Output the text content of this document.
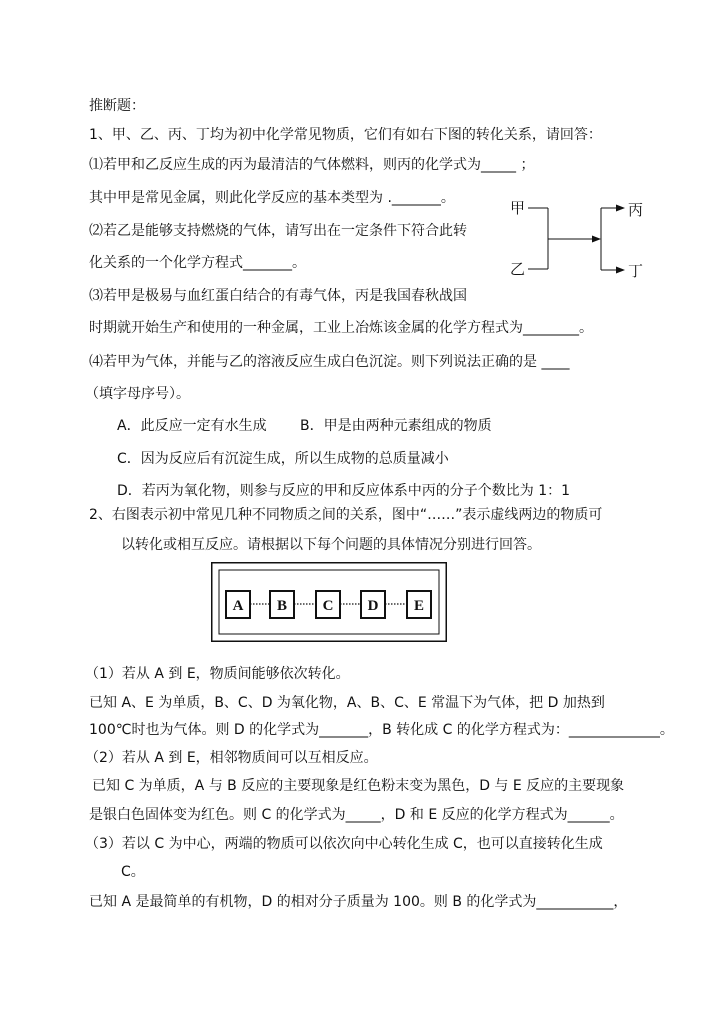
推断题：
1、甲、乙、丙、丁均为初中化学常见物质，它们有如右下图的转化关系，请回答：
⑴若甲和乙反应生成的丙为最清洁的气体燃料，则丙的化学式为_____ ；
其中甲是常见金属，则此化学反应的基本类型为 ._______。
⑵若乙是能够支持燃烧的气体，请写出在一定条件下符合此转
化关系的一个化学方程式_______。
⑶若甲是极易与血红蛋白结合的有毒气体，丙是我国春秋战国
时期就开始生产和使用的一种金属，工业上冶炼该金属的化学方程式为________。
⑷若甲为气体，并能与乙的溶液反应生成白色沉淀。则下列说法正确的是 ____
（填字母序号）。
A．此反应一定有水生成 B．甲是由两种元素组成的物质
C．因为反应后有沉淀生成，所以生成物的总质量减小
D．若丙为氧化物，则参与反应的甲和反应体系中丙的分子个数比为 1：1
2、右图表示初中常见几种不同物质之间的关系，图中“……”表示虚线两边的物质可
以转化或相互反应。请根据以下每个问题的具体情况分别进行回答。
甲
乙
丙
丁
A B C D E
（1）若从 A 到 E，物质间能够依次转化。
已知 A、E 为单质，B、C、D 为氧化物，A、B、C、E 常温下为气体，把 D 加热到
100℃时也为气体。则 D 的化学式为_______，B 转化成 C 的化学方程式为：_____________。
（2）若从 A 到 E，相邻物质间可以互相反应。
已知 C 为单质，A 与 B 反应的主要现象是红色粉末变为黑色，D 与 E 反应的主要现象
是银白色固体变为红色。则 C 的化学式为_____，D 和 E 反应的化学方程式为______。
（3）若以 C 为中心，两端的物质可以依次向中心转化生成 C，也可以直接转化生成
C。
已知 A 是最简单的有机物，D 的相对分子质量为 100。则 B 的化学式为___________，
